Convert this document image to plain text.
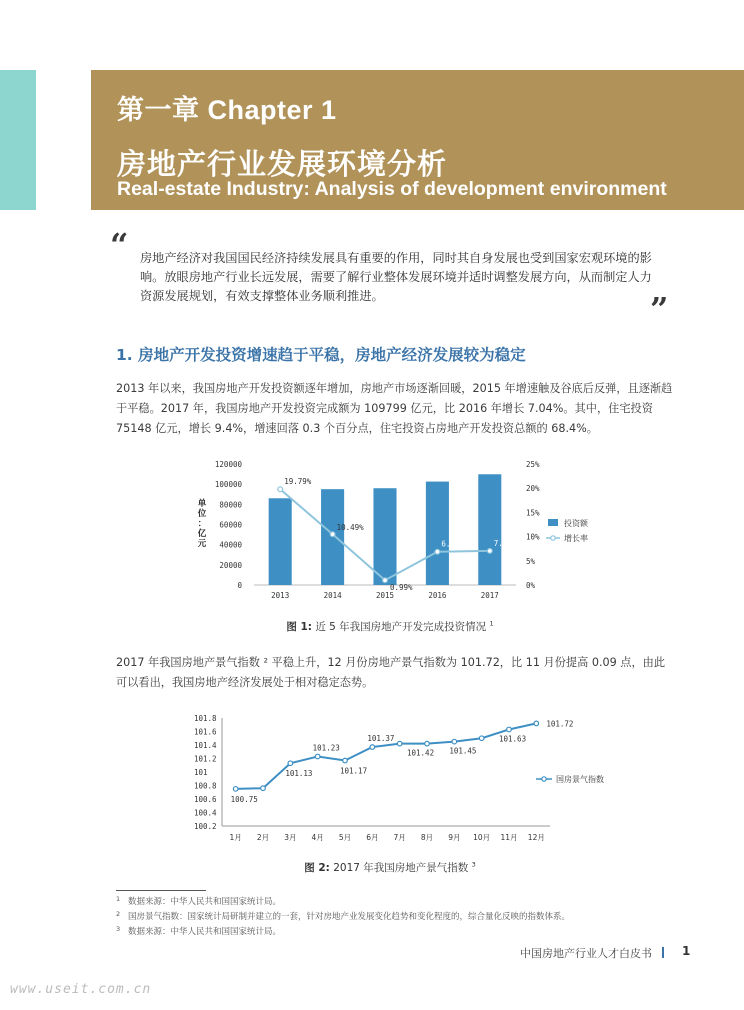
第一章 Chapter 1
房地产行业发展环境分析
Real-estate Industry: Analysis of development environment
“ 房地产经济对我国国民经济持续发展具有重要的作用，同时其自身发展也受到国家宏观环境的影响。放眼房地产行业长远发展，需要了解行业整体发展环境并适时调整发展方向，从而制定人力资源发展规划，有效支撑整体业务顺利推进。	”
1. 房地产开发投资增速趋于平稳，房地产经济发展较为稳定

2013 年以来，我国房地产开发投资额逐年增加，房地产市场逐渐回暖，2015 年增速触及谷底后反弹，且逐渐趋于平稳。2017 年，我国房地产开发投资完成额为 109799 亿元，比 2016 年增长 7.04%。其中，住宅投资 75148 亿元，增长 9.4%，增速回落 0.3 个百分点，住宅投资占房地产开发投资总额的 68.4%。

0
20000
40000
60000
80000
100000
120000
0%
5%
10%
15%
20%
25%
单
位
：
亿
元
2013	2014	2015	2016	2017
19.79%
10.49%
0.99%
6.88%	7.04%
投资额
增长率
图 1: 近 5 年我国房地产开发完成投资情况 $^1$

2017 年我国房地产景气指数 ² 平稳上升，12 月份房地产景气指数为 101.72，比 11 月份提高 0.09 点，由此可以看出，我国房地产经济发展处于相对稳定态势。

100.2
100.4
100.6
100.8
101
101.2
101.4
101.6
101.8
1月 2月 3月 4月 5月 6月 7月 8月 9月 10月 11月 12月
100.75
101.13
101.23
101.17
101.37
101.42 101.45
101.63
101.72
国房景气指数
图 2: 2017 年我国房地产景气指数 $^3$

1 数据来源：中华人民共和国国家统计局。

2 国房景气指数：国家统计局研制并建立的一套，针对房地产业发展变化趋势和变化程度的，综合量化反映的指数体系。

3 数据来源：中华人民共和国国家统计局。

中国房地产行业人才白皮书	1
www.useit.com.cn
